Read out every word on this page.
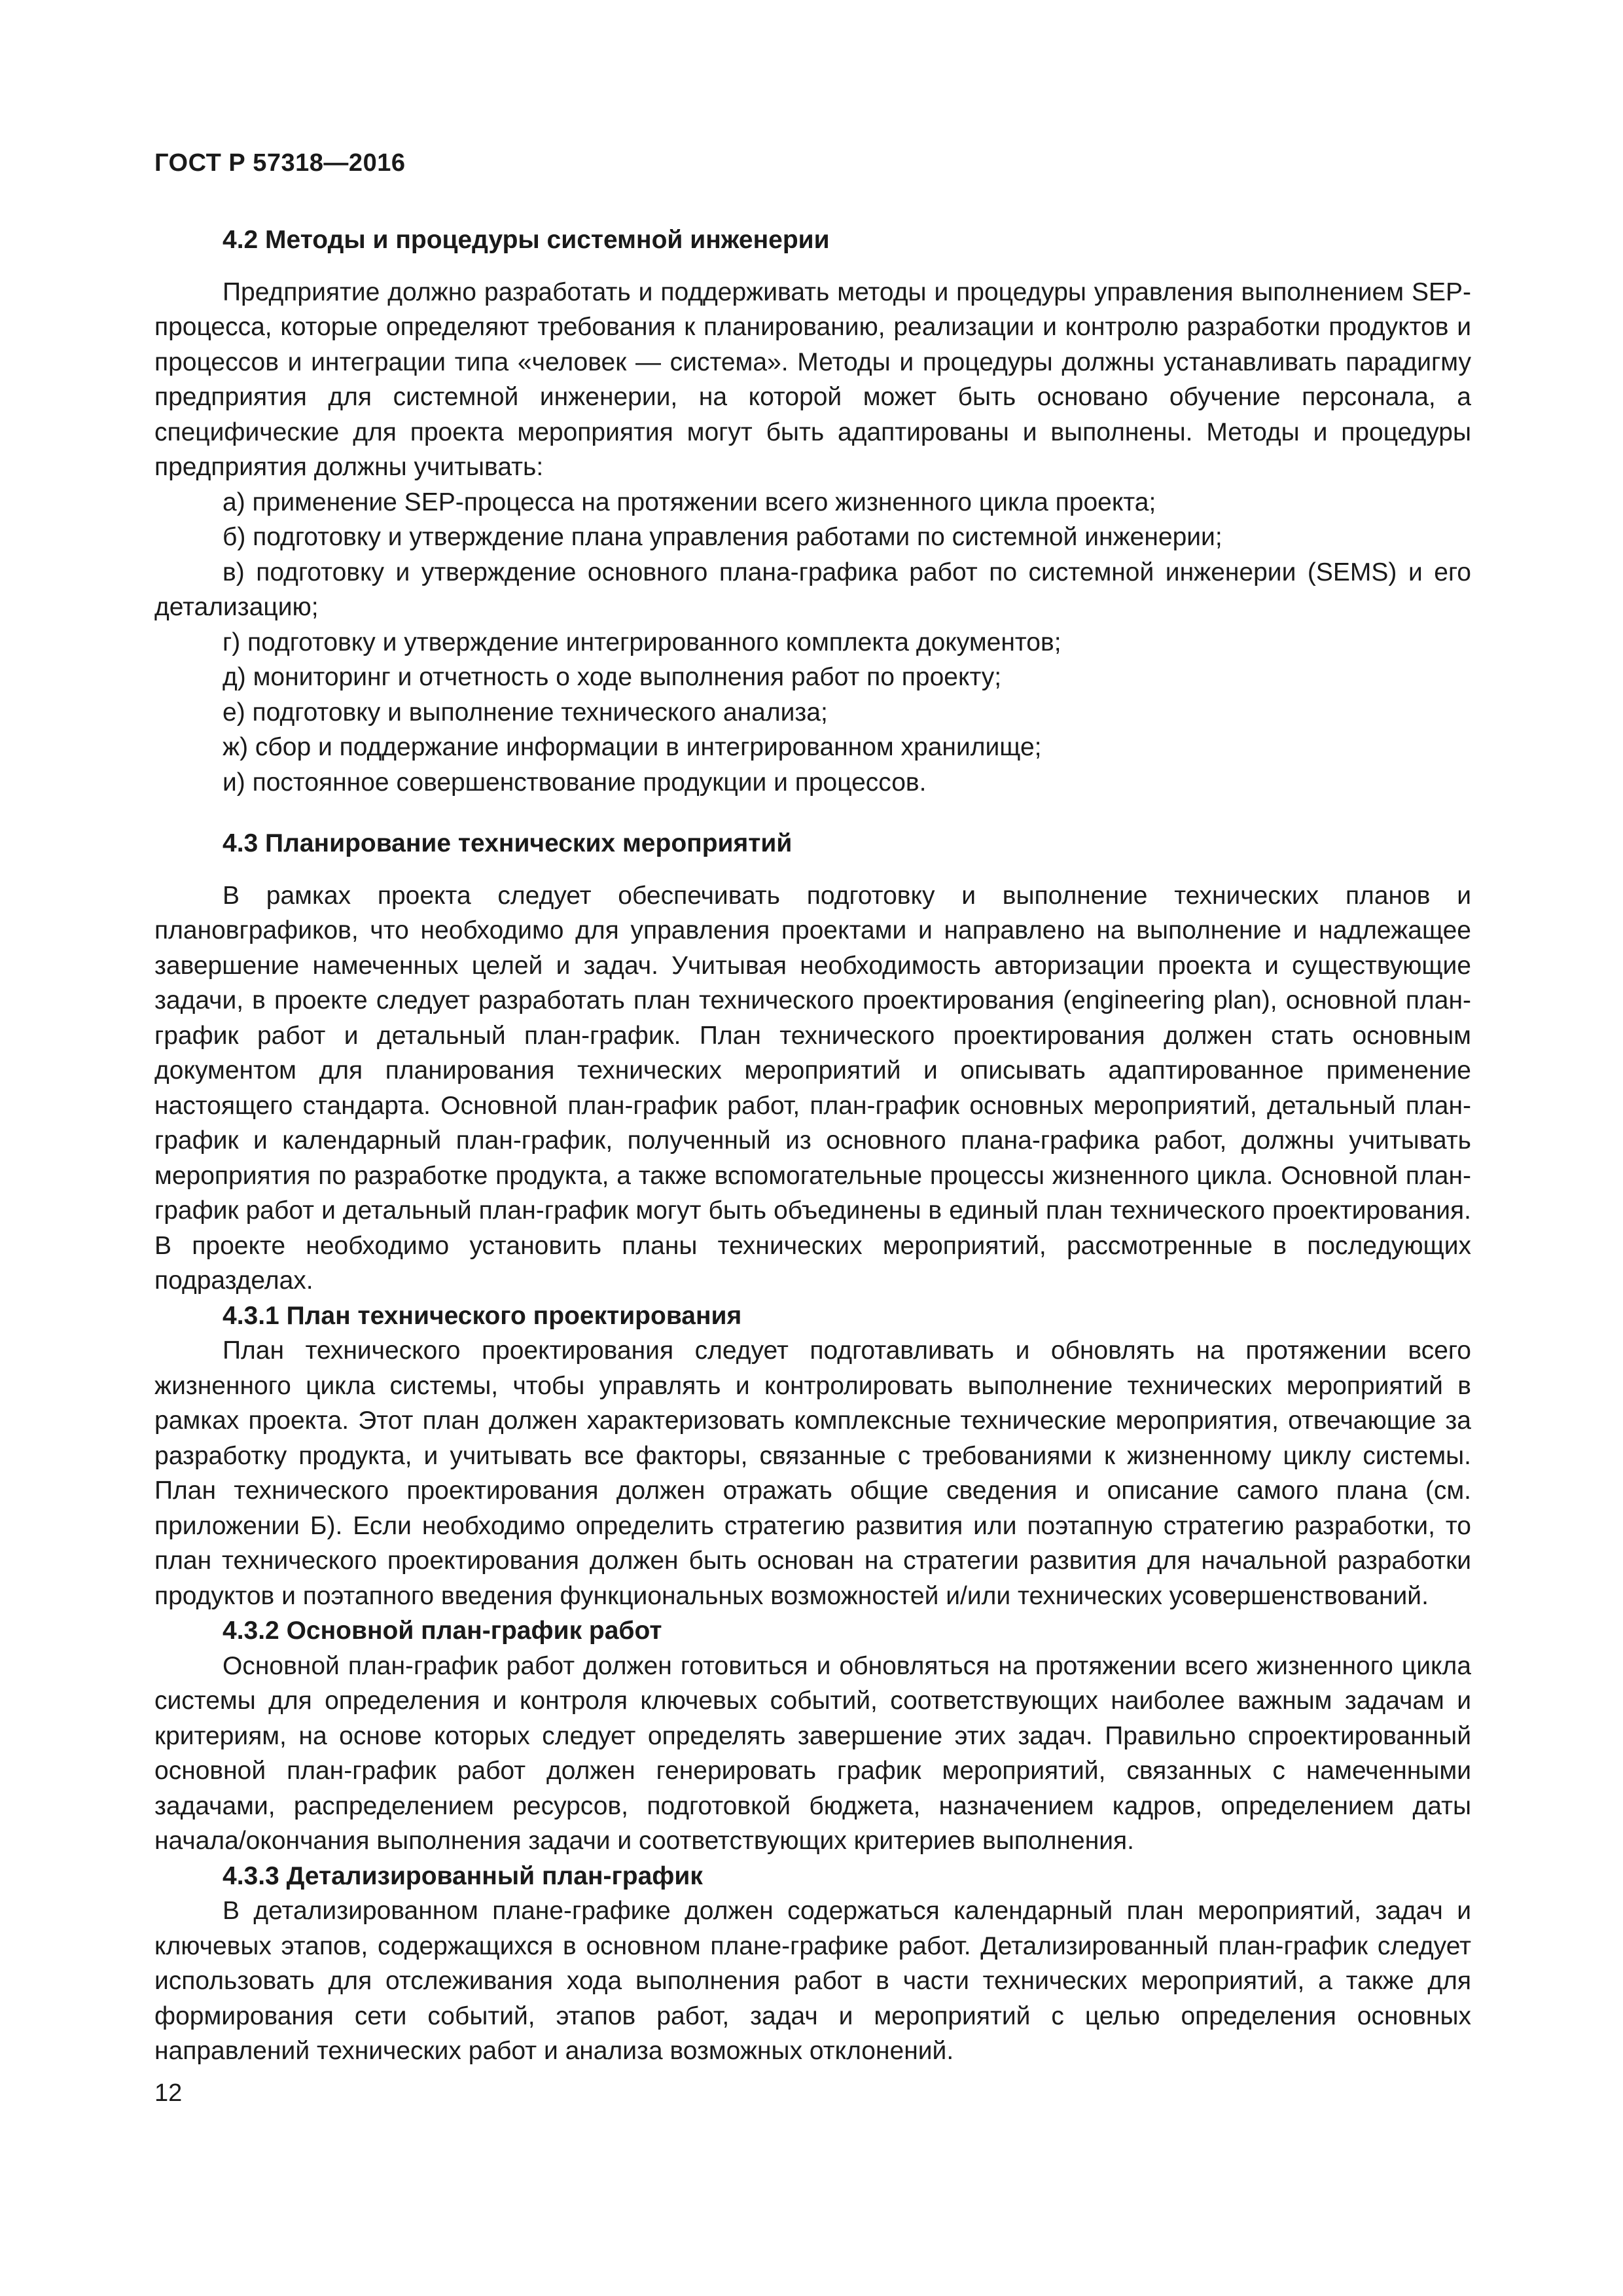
ГОСТ Р 57318—2016
4.2 Методы и процедуры системной инженерии

Предприятие должно разработать и поддерживать методы и процедуры управления выполнением SEP-процесса, которые определяют требования к планированию, реализации и контролю разработки продуктов и процессов и интеграции типа «человек — система». Методы и процедуры должны устанавливать парадигму предприятия для системной инженерии, на которой может быть основано обучение персонала, а специфические для проекта мероприятия могут быть адаптированы и выполнены. Методы и процедуры предприятия должны учитывать:

а) применение SEP-процесса на протяжении всего жизненного цикла проекта;
б) подготовку и утверждение плана управления работами по системной инженерии;
в) подготовку и утверждение основного плана-графика работ по системной инженерии (SEMS) и его детализацию;
г) подготовку и утверждение интегрированного комплекта документов;
д) мониторинг и отчетность о ходе выполнения работ по проекту;
е) подготовку и выполнение технического анализа;
ж) сбор и поддержание информации в интегрированном хранилище;
и) постоянное совершенствование продукции и процессов.
4.3 Планирование технических мероприятий

В рамках проекта следует обеспечивать подготовку и выполнение технических планов и плановграфиков, что необходимо для управления проектами и направлено на выполнение и надлежащее завершение намеченных целей и задач. Учитывая необходимость авторизации проекта и существующие задачи, в проекте следует разработать план технического проектирования (engineering plan), основной план-график работ и детальный план-график. План технического проектирования должен стать основным документом для планирования технических мероприятий и описывать адаптированное применение настоящего стандарта. Основной план-график работ, план-график основных мероприятий, детальный план-график и календарный план-график, полученный из основного плана-графика работ, должны учитывать мероприятия по разработке продукта, а также вспомогательные процессы жизненного цикла. Основной план-график работ и детальный план-график могут быть объединены в единый план технического проектирования. В проекте необходимо установить планы технических мероприятий, рассмотренные в последующих подразделах.

4.3.1 План технического проектирования

План технического проектирования следует подготавливать и обновлять на протяжении всего жизненного цикла системы, чтобы управлять и контролировать выполнение технических мероприятий в рамках проекта. Этот план должен характеризовать комплексные технические мероприятия, отвечающие за разработку продукта, и учитывать все факторы, связанные с требованиями к жизненному циклу системы. План технического проектирования должен отражать общие сведения и описание самого плана (см. приложении Б). Если необходимо определить стратегию развития или поэтапную стратегию разработки, то план технического проектирования должен быть основан на стратегии развития для начальной разработки продуктов и поэтапного введения функциональных возможностей и/или технических усовершенствований.

4.3.2 Основной план-график работ

Основной план-график работ должен готовиться и обновляться на протяжении всего жизненного цикла системы для определения и контроля ключевых событий, соответствующих наиболее важным задачам и критериям, на основе которых следует определять завершение этих задач. Правильно спроектированный основной план-график работ должен генерировать график мероприятий, связанных с намеченными задачами, распределением ресурсов, подготовкой бюджета, назначением кадров, определением даты начала/окончания выполнения задачи и соответствующих критериев выполнения.

4.3.3 Детализированный план-график

В детализированном плане-графике должен содержаться календарный план мероприятий, задач и ключевых этапов, содержащихся в основном плане-графике работ. Детализированный план-график следует использовать для отслеживания хода выполнения работ в части технических мероприятий, а также для формирования сети событий, этапов работ, задач и мероприятий с целью определения основных направлений технических работ и анализа возможных отклонений.

12
